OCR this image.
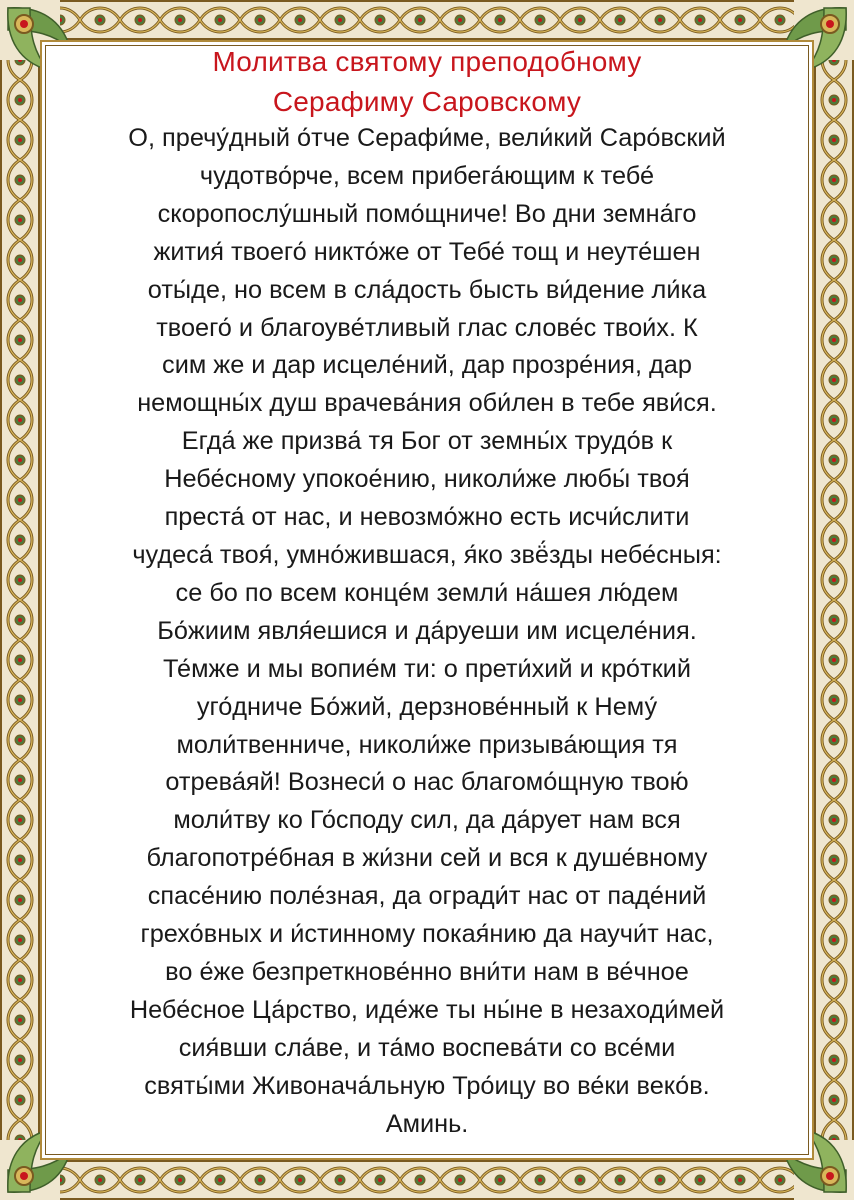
Молитва святому преподобному
Серафиму Саровскому
О, пречу́дный о́тче Серафи́ме, вели́кий Саро́вский
чудотво́рче, всем прибега́ющим к тебе́
скоропослу́шный помо́щниче! Во дни земна́го
жития́ твоего́ никто́же от Тебе́ тощ и неуте́шен
оты́де, но всем в сла́дость бысть ви́дение ли́ка
твоего́ и благоуве́тливый глас слове́с твои́х. К
сим же и дар исцеле́ний, дар прозре́ния, дар
немощны́х душ врачева́ния оби́лен в тебе яви́ся.
Егда́ же призва́ тя Бог от земны́х трудо́в к
Небе́сному упокое́нию, николи́же любы́ твоя́
преста́ от нас, и невозмо́жно есть исчи́слити
чудеса́ твоя́, умно́жившася, я́ко звё́зды небе́сныя:
се бо по всем концéм земли́ на́шея лю́дем
Бо́жиим явля́ешися и да́руеши им исцеле́ния.
Те́мже и мы вопие́м ти: о прети́хий и кро́ткий
уго́дниче Бо́жий, дерзнове́нный к Нему́
моли́твенниче, николи́же призыва́ющия тя
отрева́яй! Вознеси́ о нас благомо́щную твою́
моли́тву ко Го́споду сил, да да́рует нам вся
благопотре́бная в жи́зни сей и вся к душе́вному
спасе́нию поле́зная, да огради́т нас от паде́ний
грехо́вных и и́стинному покая́нию да научи́т нас,
во е́же безпреткнове́нно вни́ти нам в ве́чное
Небе́сное Ца́рство, иде́же ты ны́не в незаходи́мей
сия́вши сла́ве, и та́мо воспева́ти со все́ми
святы́ми Живонача́льную Тро́ицу во ве́ки веко́в.
Аминь.
